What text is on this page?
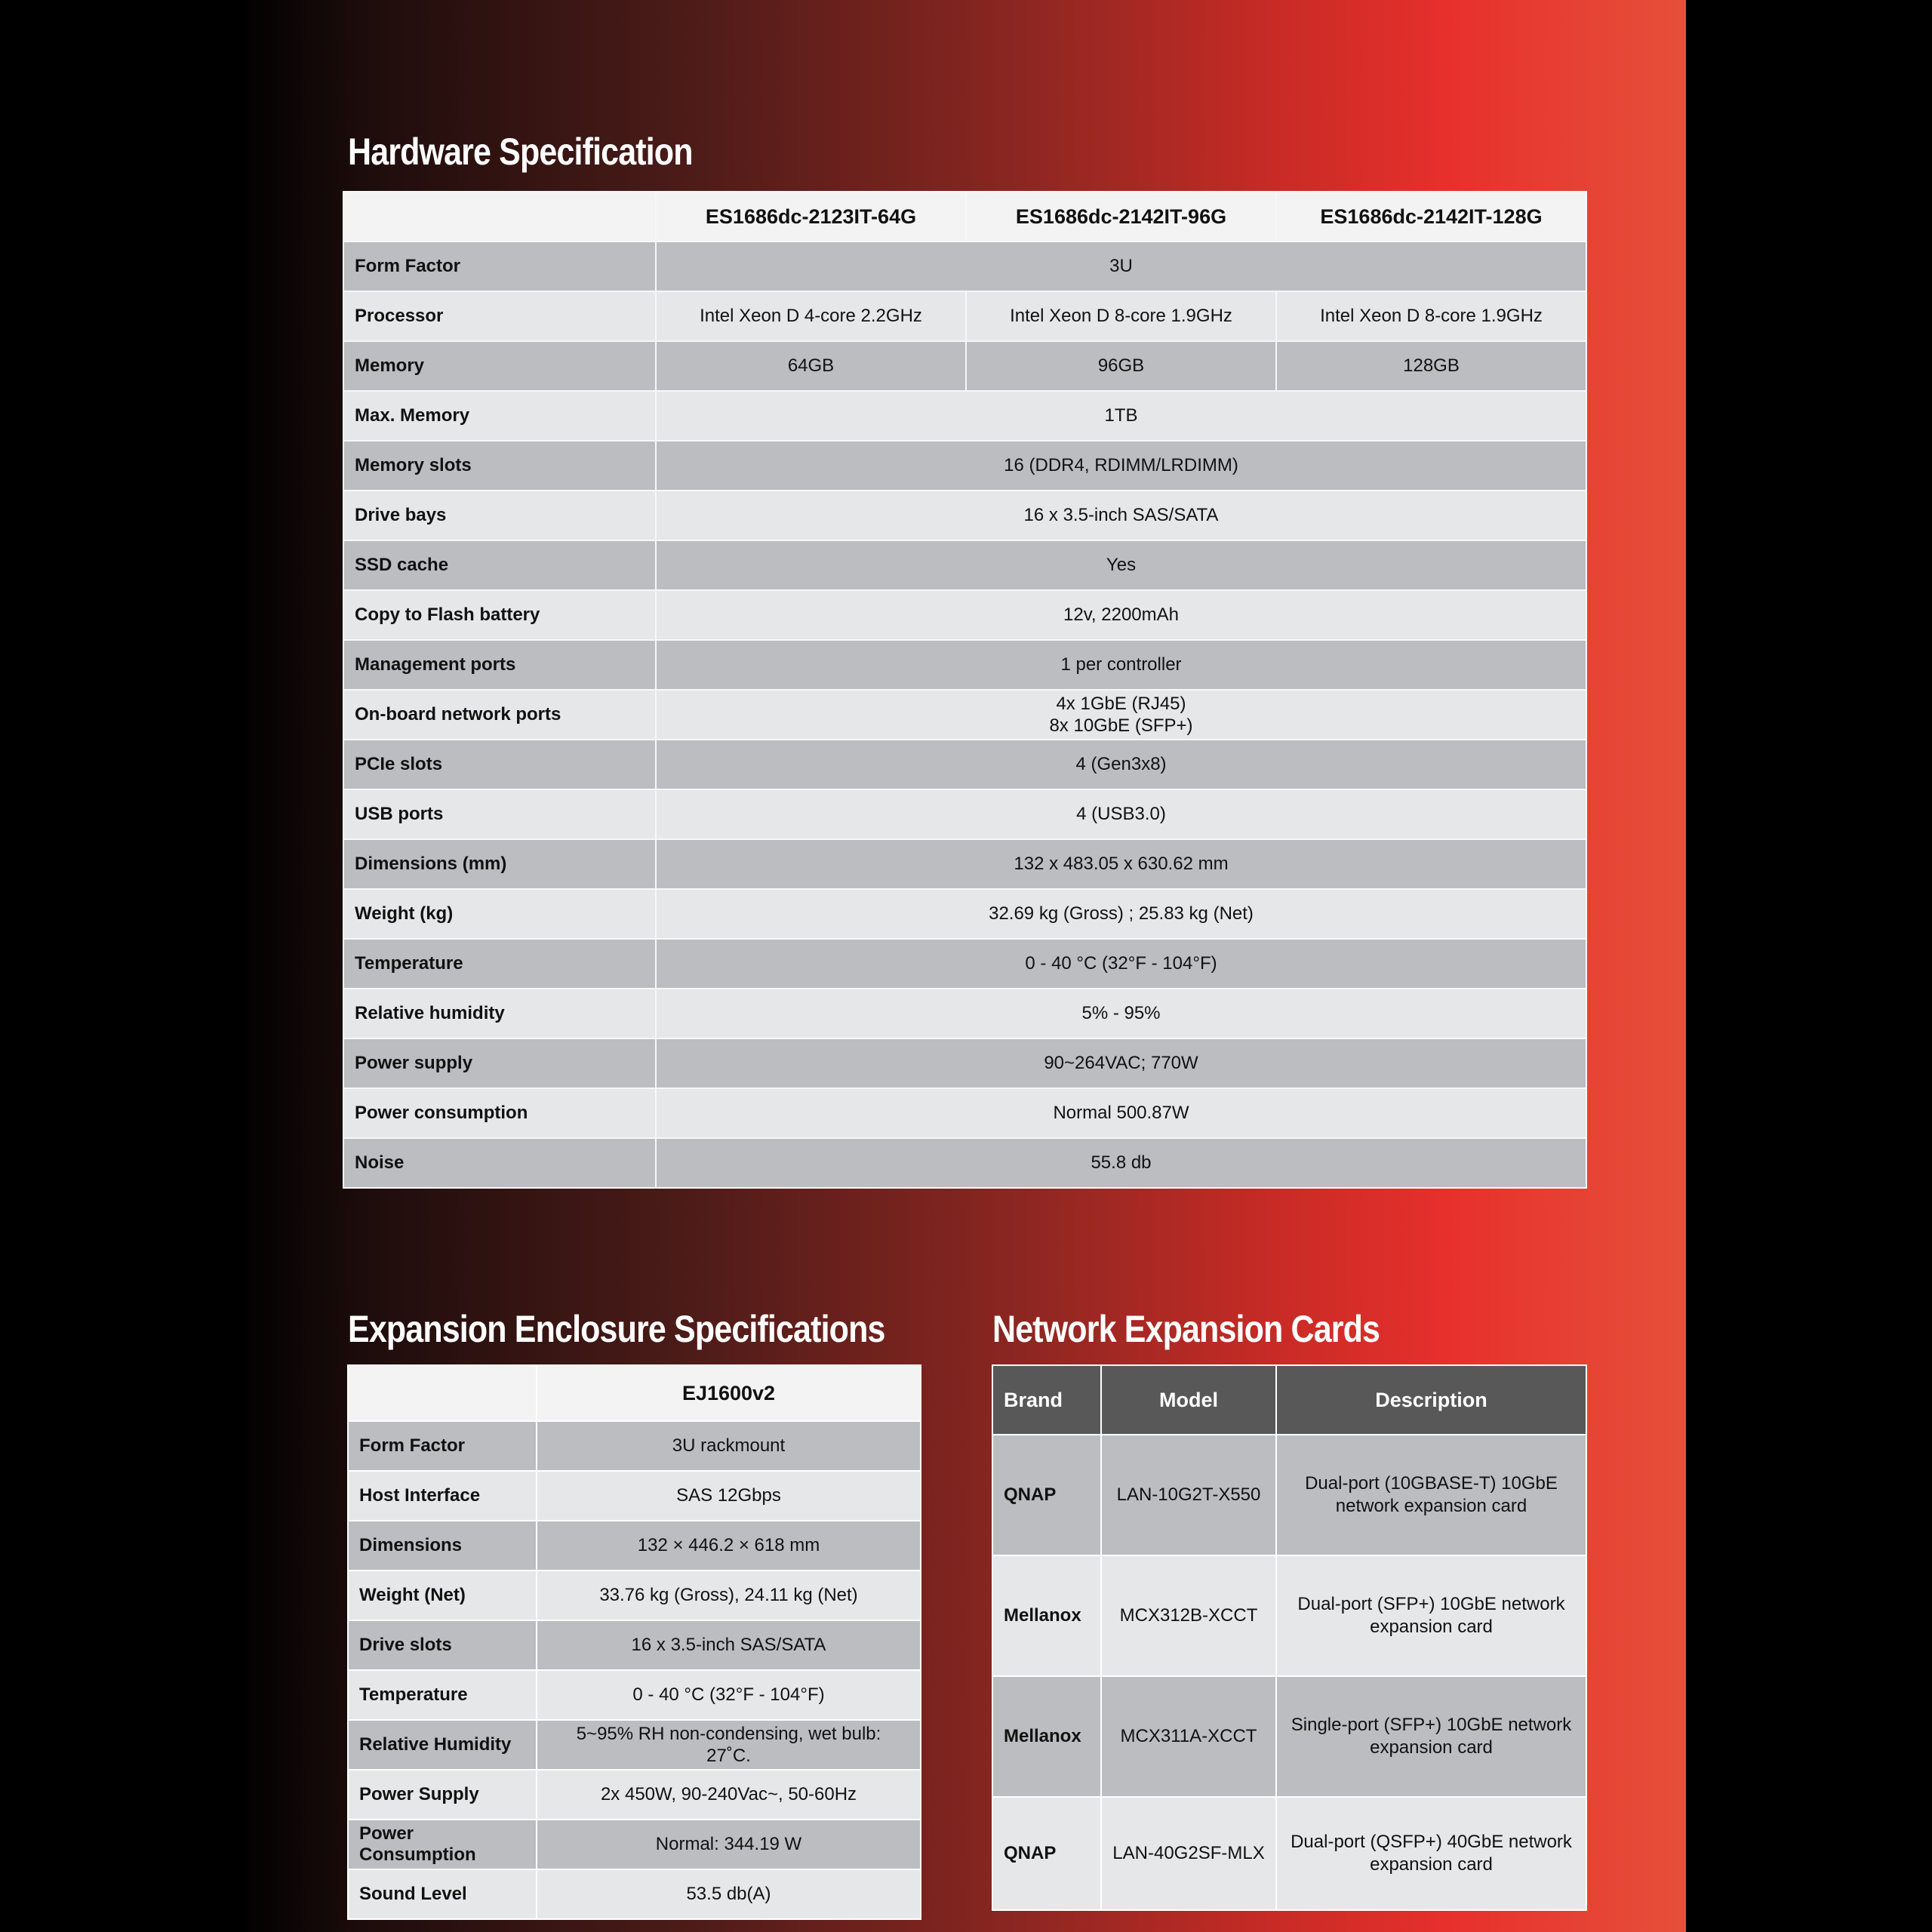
Hardware Specification
	ES1686dc-2123IT-64G	ES1686dc-2142IT-96G	ES1686dc-2142IT-128G
Form Factor	3U		
Processor	Intel Xeon D 4-core 2.2GHz	Intel Xeon D 8-core 1.9GHz	Intel Xeon D 8-core 1.9GHz
Memory	64GB	96GB	128GB
Max. Memory	1TB		
Memory slots	16 (DDR4, RDIMM/LRDIMM)		
Drive bays	16 x 3.5-inch SAS/SATA		
SSD cache	Yes		
Copy to Flash battery	12v, 2200mAh		
Management ports	1 per controller		
On-board network ports	4x 1GbE (RJ45)
8x 10GbE (SFP+)		

PCIe slots	4 (Gen3x8)		
USB ports	4 (USB3.0)		
Dimensions (mm)	132 x 483.05 x 630.62 mm		
Weight (kg)	32.69 kg (Gross) ; 25.83 kg (Net)		
Temperature	0 - 40 °C (32°F - 104°F)		
Relative humidity	5% - 95%		
Power supply	90~264VAC; 770W		
Power consumption	Normal 500.87W		
Noise	55.8 db		
Expansion Enclosure Specifications
	EJ1600v2
Form Factor	3U rackmount
Host Interface	SAS 12Gbps
Dimensions	132 × 446.2 × 618 mm
Weight (Net)	33.76 kg (Gross), 24.11 kg (Net)
Drive slots	16 x 3.5-inch SAS/SATA
Temperature	0 - 40 °C (32°F - 104°F)
Relative Humidity	5~95% RH non-condensing, wet bulb:
27˚C.

Power Supply	2x 450W, 90-240Vac~, 50-60Hz
Power Consumption	Normal: 344.19 W
Sound Level	53.5 db(A)
Network Expansion Cards
Brand	Model	Description
QNAP	LAN-10G2T-X550	Dual-port (10GBASE-T) 10GbE
network expansion card

Mellanox	MCX312B-XCCT	Dual-port (SFP+) 10GbE network
expansion card

Mellanox	MCX311A-XCCT	Single-port (SFP+) 10GbE network
expansion card

QNAP	LAN-40G2SF-MLX	Dual-port (QSFP+) 40GbE network
expansion card
